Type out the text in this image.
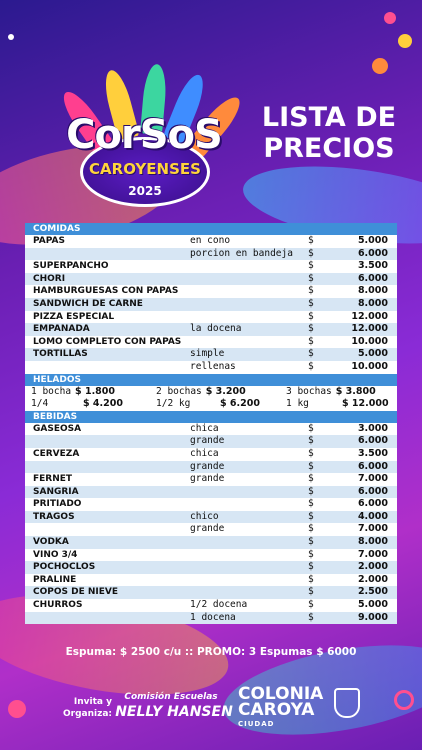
CorSoS
CAROYENSES
2025
LISTA DE
PRECIOS
COMIDAS
PAPAS	en cono	$	5.000
porcion en bandeja	$	6.000
SUPERPANCHO	$	3.500
CHORI	$	6.000
HAMBURGUESAS CON PAPAS	$	8.000
SANDWICH DE CARNE	$	8.000
PIZZA ESPECIAL	$	12.000
EMPANADA	la docena	$	12.000
LOMO COMPLETO CON PAPAS	$	10.000
TORTILLAS	simple	$	5.000
rellenas	$	10.000
HELADOS
1 bocha $ 1.800	2 bochas $ 3.200	3 bochas $ 3.800
1/4	$ 4.200	1/2 kg	$ 6.200	1 kg	$ 12.000
BEBIDAS
GASEOSA	chica	$	3.000
grande	$	6.000
CERVEZA	chica	$	3.500
grande	$	6.000
FERNET	grande	$	7.000
SANGRIA	$	6.000
PRITIADO	$	6.000
TRAGOS	chico	$	4.000
grande	$	7.000
VODKA	$	8.000
VINO 3/4	$	7.000
POCHOCLOS	$	2.000
PRALINE	$	2.000
COPOS DE NIEVE	$	2.500
CHURROS	1/2 docena	$	5.000
1 docena	$	9.000
Espuma: $ 2500 c/u :: PROMO: 3 Espumas $ 6000
Invita y
Organiza:
Comisión Escuelas
NELLY HANSEN
COLONIA
CAROYA
CIUDAD
